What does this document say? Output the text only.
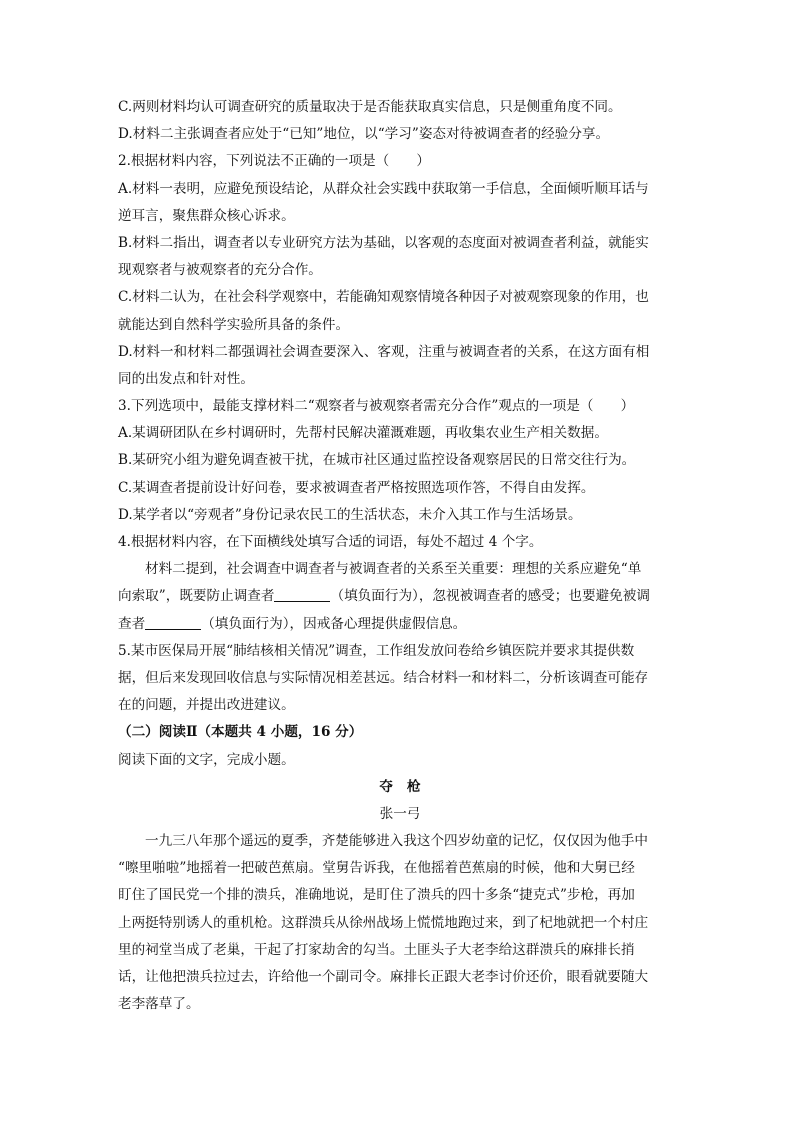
C.两则材料均认可调查研究的质量取决于是否能获取真实信息，只是侧重角度不同。
D.材料二主张调查者应处于“已知”地位，以“学习”姿态对待被调查者的经验分享。
2.根据材料内容，下列说法不正确的一项是（　　）
A.材料一表明，应避免预设结论，从群众社会实践中获取第一手信息，全面倾听顺耳话与
逆耳言，聚焦群众核心诉求。
B.材料二指出，调查者以专业研究方法为基础，以客观的态度面对被调查者利益，就能实
现观察者与被观察者的充分合作。
C.材料二认为，在社会科学观察中，若能确知观察情境各种因子对被观察现象的作用，也
就能达到自然科学实验所具备的条件。
D.材料一和材料二都强调社会调查要深入、客观，注重与被调查者的关系，在这方面有相
同的出发点和针对性。
3.下列选项中，最能支撑材料二“观察者与被观察者需充分合作”观点的一项是（　　）
A.某调研团队在乡村调研时，先帮村民解决灌溉难题，再收集农业生产相关数据。
B.某研究小组为避免调查被干扰，在城市社区通过监控设备观察居民的日常交往行为。
C.某调查者提前设计好问卷，要求被调查者严格按照选项作答，不得自由发挥。
D.某学者以“旁观者”身份记录农民工的生活状态，未介入其工作与生活场景。
4.根据材料内容，在下面横线处填写合适的词语，每处不超过 4 个字。
材料二提到，社会调查中调查者与被调查者的关系至关重要：理想的关系应避免“单
向索取”，既要防止调查者	（填负面行为），忽视被调查者的感受；也要避免被调
查者	（填负面行为），因戒备心理提供虚假信息。
5.某市医保局开展“肺结核相关情况”调查，工作组发放问卷给乡镇医院并要求其提供数
据，但后来发现回收信息与实际情况相差甚远。结合材料一和材料二，分析该调查可能存
在的问题，并提出改进建议。
（二）阅读Ⅱ（本题共 4 小题，16 分）
阅读下面的文字，完成小题。
夺枪
张一弓
一九三八年那个遥远的夏季，齐楚能够进入我这个四岁幼童的记忆，仅仅因为他手中
“嚓里啪啦”地摇着一把破芭蕉扇。堂舅告诉我，在他摇着芭蕉扇的时候，他和大舅已经
盯住了国民党一个排的溃兵，准确地说，是盯住了溃兵的四十多条“捷克式”步枪，再加
上两挺特别诱人的重机枪。这群溃兵从徐州战场上慌慌地跑过来，到了杞地就把一个村庄
里的祠堂当成了老巢，干起了打家劫舍的勾当。土匪头子大老李给这群溃兵的麻排长捎
话，让他把溃兵拉过去，许给他一个副司令。麻排长正跟大老李讨价还价，眼看就要随大
老李落草了。
